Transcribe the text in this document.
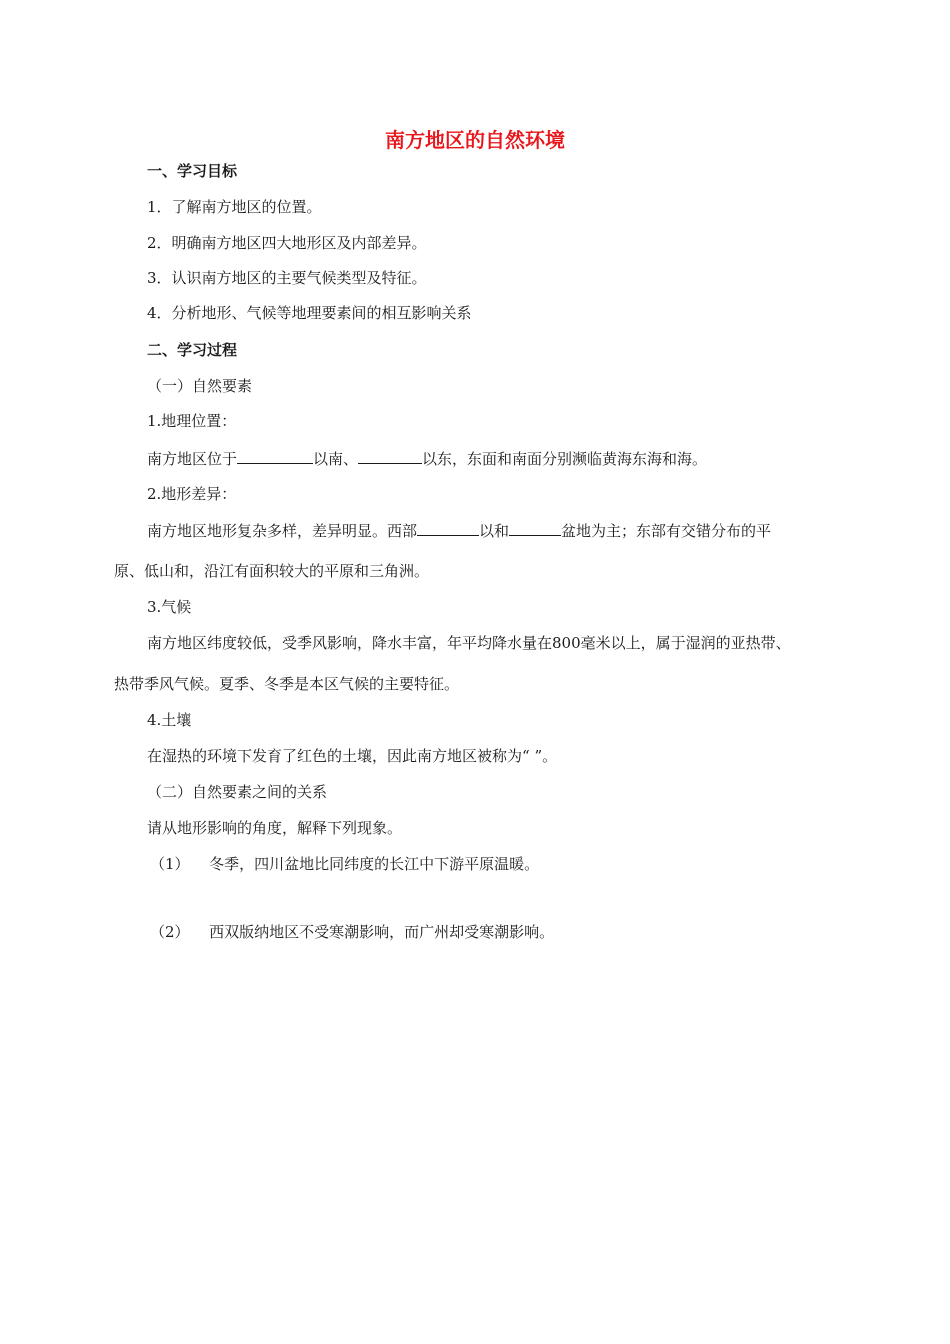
南方地区的自然环境
一、学习目标
1．了解南方地区的位置。
2．明确南方地区四大地形区及内部差异。
3．认识南方地区的主要气候类型及特征。
4．分析地形、气候等地理要素间的相互影响关系
二、学习过程
（一）自然要素
1.地理位置：
南方地区位于	以南、	以东，东面和南面分别濒临黄海东海和海。
2.地形差异：
南方地区地形复杂多样，差异明显。西部	以和	盆地为主；东部有交错分布的平
原、低山和，沿江有面积较大的平原和三角洲。
3.气候
南方地区纬度较低，受季风影响，降水丰富，年平均降水量在800毫米以上，属于湿润的亚热带、
热带季风气候。夏季、冬季是本区气候的主要特征。
4.土壤
在湿热的环境下发育了红色的土壤，因此南方地区被称为“ ”。
（二）自然要素之间的关系
请从地形影响的角度，解释下列现象。
（1） 冬季，四川盆地比同纬度的长江中下游平原温暖。
（2） 西双版纳地区不受寒潮影响，而广州却受寒潮影响。
